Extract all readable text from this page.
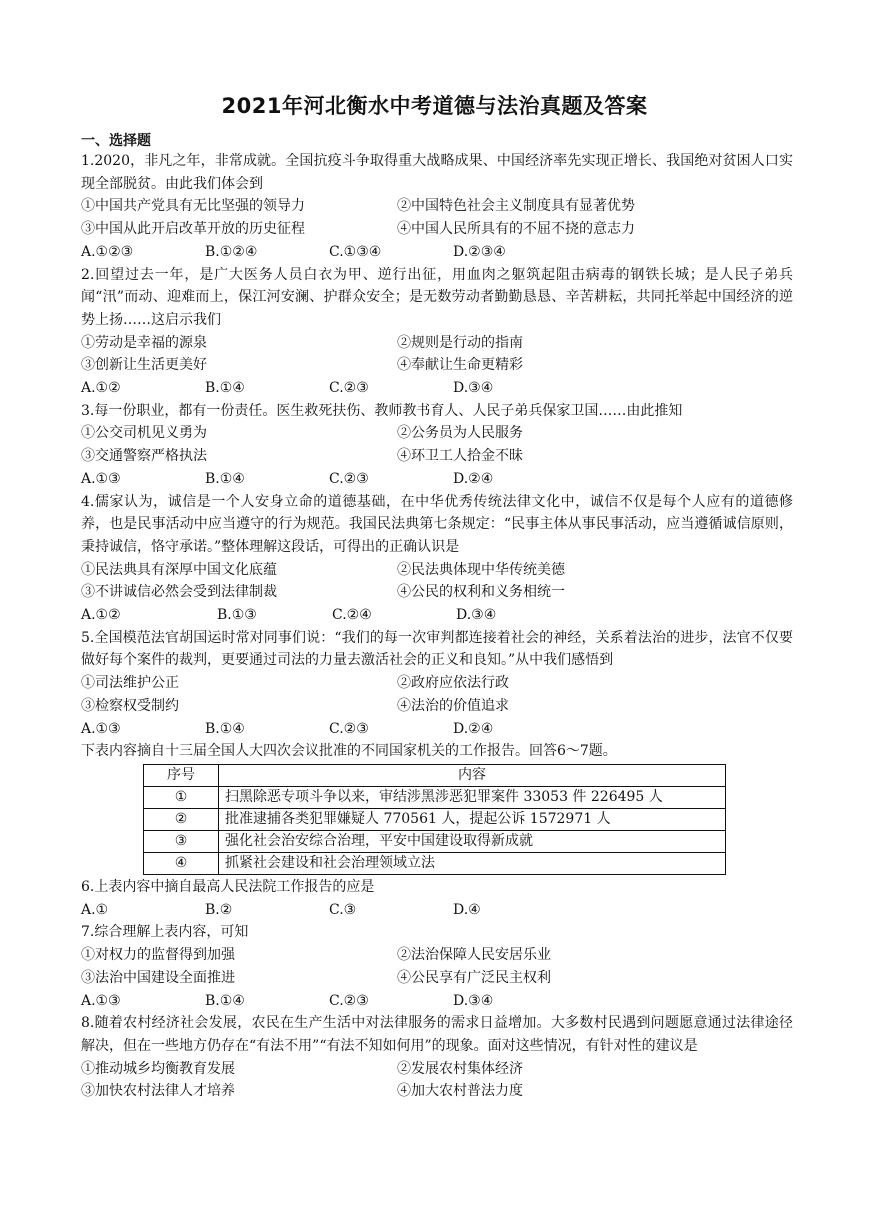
2021年河北衡水中考道德与法治真题及答案
一、选择题

1.2020，非凡之年，非常成就。全国抗疫斗争取得重大战略成果、中国经济率先实现正增长、我国绝对贫困人口实现全部脱贫。由此我们体会到

①中国共产党具有无比坚强的领导力	②中国特色社会主义制度具有显著优势
③中国从此开启改革开放的历史征程	④中国人民所具有的不屈不挠的意志力
A.①②③	B.①②④	C.①③④	D.②③④

2.回望过去一年，是广大医务人员白衣为甲、逆行出征，用血肉之躯筑起阻击病毒的钢铁长城；是人民子弟兵闻“汛”而动、迎难而上，保江河安澜、护群众安全；是无数劳动者勤勤恳恳、辛苦耕耘，共同托举起中国经济的逆势上扬……这启示我们

①劳动是幸福的源泉	②规则是行动的指南
③创新让生活更美好	④奉献让生命更精彩
A.①②	B.①④	C.②③	D.③④

3.每一份职业，都有一份责任。医生救死扶伤、教师教书育人、人民子弟兵保家卫国……由此推知

①公交司机见义勇为	②公务员为人民服务
③交通警察严格执法	④环卫工人拾金不昧
A.①③	B.①④	C.②③	D.②④

4.儒家认为，诚信是一个人安身立命的道德基础，在中华优秀传统法律文化中，诚信不仅是每个人应有的道德修养，也是民事活动中应当遵守的行为规范。我国民法典第七条规定：“民事主体从事民事活动，应当遵循诚信原则，秉持诚信，恪守承诺。”整体理解这段话，可得出的正确认识是

①民法典具有深厚中国文化底蕴	②民法典体现中华传统美德
③不讲诚信必然会受到法律制裁	④公民的权利和义务相统一
A.①②	B.①③	C.②④	D.③④

5.全国模范法官胡国运时常对同事们说：“我们的每一次审判都连接着社会的神经，关系着法治的进步，法官不仅要做好每个案件的裁判，更要通过司法的力量去激活社会的正义和良知。”从中我们感悟到

①司法维护公正	②政府应依法行政
③检察权受制约	④法治的价值追求
A.①③	B.①④	C.②③	D.②④

下表内容摘自十三届全国人大四次会议批准的不同国家机关的工作报告。回答6～7题。

序号	内容
①	扫黑除恶专项斗争以来，审结涉黑涉恶犯罪案件 33053 件 226495 人
②	批准逮捕各类犯罪嫌疑人 770561 人，提起公诉 1572971 人
③	强化社会治安综合治理，平安中国建设取得新成就
④	抓紧社会建设和社会治理领域立法

6.上表内容中摘自最高人民法院工作报告的应是

A.①	B.②	C.③	D.④

7.综合理解上表内容，可知

①对权力的监督得到加强	②法治保障人民安居乐业
③法治中国建设全面推进	④公民享有广泛民主权利
A.①③	B.①④	C.②③	D.③④

8.随着农村经济社会发展，农民在生产生活中对法律服务的需求日益增加。大多数村民遇到问题愿意通过法律途径解决，但在一些地方仍存在“有法不用”“有法不知如何用”的现象。面对这些情况，有针对性的建议是

①推动城乡均衡教育发展	②发展农村集体经济
③加快农村法律人才培养	④加大农村普法力度
